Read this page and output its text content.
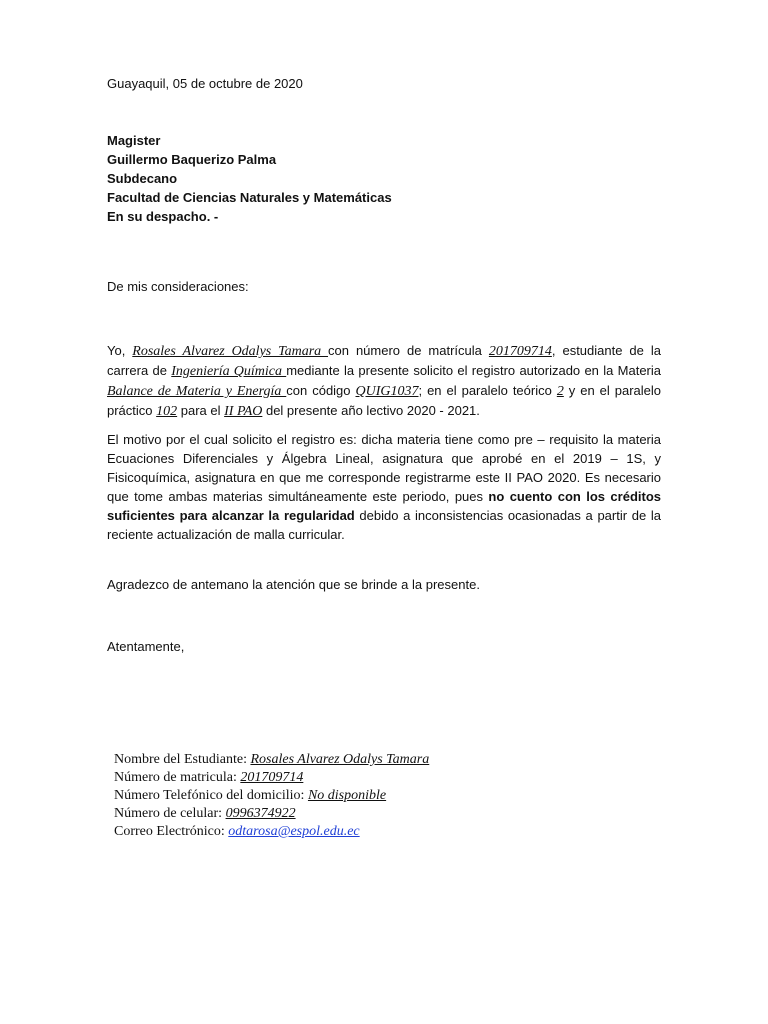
Guayaquil, 05 de octubre de 2020
Magister
Guillermo Baquerizo Palma
Subdecano
Facultad de Ciencias Naturales y Matemáticas
En su despacho. -
De mis consideraciones:
Yo, Rosales Alvarez Odalys Tamara con número de matrícula 201709714, estudiante de la carrera de Ingeniería Química mediante la presente solicito el registro autorizado en la Materia Balance de Materia y Energía con código QUIG1037; en el paralelo teórico 2 y en el paralelo práctico 102 para el II PAO del presente año lectivo 2020 - 2021.
El motivo por el cual solicito el registro es: dicha materia tiene como pre – requisito la materia Ecuaciones Diferenciales y Álgebra Lineal, asignatura que aprobé en el 2019 – 1S, y Fisicoquímica, asignatura en que me corresponde registrarme este II PAO 2020. Es necesario que tome ambas materias simultáneamente este periodo, pues no cuento con los créditos suficientes para alcanzar la regularidad debido a inconsistencias ocasionadas a partir de la reciente actualización de malla curricular.
Agradezco de antemano la atención que se brinde a la presente.
Atentamente,
Nombre del Estudiante: Rosales Alvarez Odalys Tamara
Número de matricula: 201709714
Número Telefónico del domicilio: No disponible
Número de celular: 0996374922
Correo Electrónico: odtarosa@espol.edu.ec
